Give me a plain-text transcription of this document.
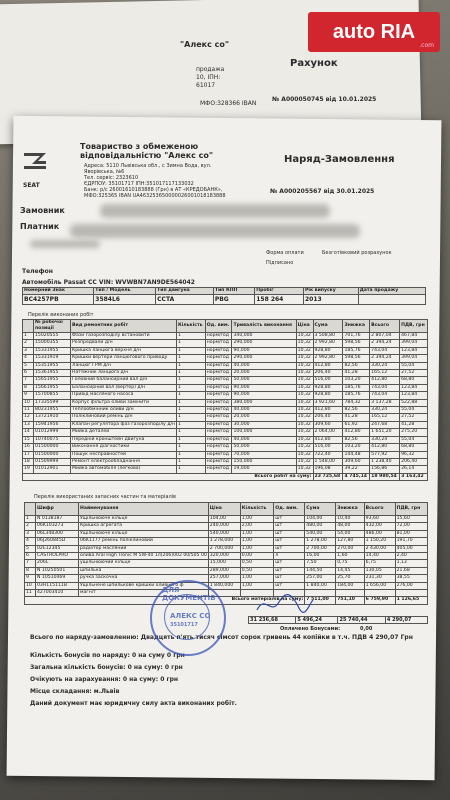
"Алекс со"
продажа
10, ІПН:
61017
MФО:328366 IBAN
Рахунок
№ А000050745 від 10.01.2025
auto RIA
.com
SEAT
Товариство з обмеженою відповідальністю "Алекс со"
Адреса: 5110 Львівська обл., с Зимна Вода, вул. Яворівська, №6
Тел. сервіс: 2323610
ЄДРПОУ: 35101717 ІПН:351017117133032
Банк: р/с 26001610183888 (Грн) в АТ «КРЕДОБАНК»,
МФО:325365 IBAN UA463253650000026001018183888
Наряд-Замовлення
№ А000205567 від 30.01.2025
Замовник
Платник
Форма оплати	Безготівковий розрахунок
Підписано
Телефон
Автомобіль Passat CC VIN: WVWBN7AN9DE564042
Номерний Знак	Тип / Модель	Тип двигуна	Тип КПП	Пробіг	Рік випуску	Дата продажу
ВС4257РВ	3584L6	CCTA	PBG	158 264	2013	
Перелік виконаних робіт
	№ робочої позиції	Вид ремонтних робіт	Кількість	Од. вим.	Тривалість виконання	Ціна	Сума	Знижка	Всього	ПДВ, грн
1	15020555	Фази газорозподілу встановити	1	норм/год	340,000	10,32	3 508,80	701,76	2 807,04	467,84
2	15000355	Розпредвали д/н	1	норм/год	290,000	10,32	2 992,80	598,56	2 394,24	399,04
3	15331955	Кришка ланцюга верхня д/н	1	норм/год	90,000	10,32	928,80	185,76	743,04	123,84
4	15331919	Кришки вертери ланцюгового приводу	1	норм/год	290,000	10,32	2 992,80	598,56	2 394,24	399,04
5	15351955	Ланцюг ГРМ д/н	1	норм/год	40,000	10,32	412,80	82,56	330,24	55,04
6	15361955	Натяжник ланцюга д/н	1	норм/год	20,000	10,32	206,40	41,28	165,12	27,52
7	15651955	Головний балансирний вал д/н	1	норм/год	50,000	10,32	516,00	103,20	412,80	68,80
8	15661955	Балансирний вал (вертер) д/н	1	норм/год	90,000	10,32	928,80	185,76	743,04	123,84
9	15700855	Привід масляного насоса	1	норм/год	90,000	10,32	928,80	185,76	743,04	123,84
10	17335599	Корпус фільтра оливи замінити	1	норм/год	380,000	10,32	3 921,60	784,32	3 137,28	522,88
11	80231955	Теплообмінник оливи д/н	1	норм/год	40,000	10,32	412,80	82,56	330,24	55,04
12	13721910	Поліклиновий ремінь д/н	1	норм/год	20,000	10,32	206,40	41,28	165,12	27,52
13	15941956	Клапан регулятора фаз газорозподілу д/н	1	норм/год	30,000	10,32	309,60	61,92	247,68	41,28
14	01012999	Мийка деталей	1	норм/год	100,000	10,32	2 064,00	412,80	1 651,20	275,20
15	10740075	Передній кронштейн двигуна	1	норм/год	40,000	10,32	412,80	82,56	330,24	55,04
16	01500000	Виконання діагностики	1	норм/год	50,000	10,32	516,00	103,20	412,80	68,80
17	01500000	Пошук несправностей	1	норм/год	70,000	10,32	722,40	144,48	577,92	96,32
18	01509999	Ремонт електрообладнання	1	норм/год	150,000	10,32	1 548,00	309,60	1 238,40	206,40
19	01012901	Мийка автомобіля (легкова)	1	норм/год	19,000	10,32	196,08	39,22	156,86	26,14
Всього робіт на суму:							23 725,68	4 745,14	18 980,54	3 163,42
Перелік використаних запасних частин та матеріалів
	Шифр	Найменування	Ціна	Кількість	Од. вим.	Сума	Знижка	Всього	ПДВ, грн
1	N 0138187	Ущільнююче кільце	104,00	1,00	шт	104,00	10,40	93,60	15,60
2	06K103273	Кришка агрегата	240,000	2,00	шт	480,00	48,00	432,00	72,00
3	06L348300	Ущільнююче кільце	540,000	1,00	шт	540,00	54,00	486,00	81,00
4	06J260845D	06K1177 ремінь поліклиновий	1 278,000	1,00	шт	1 278,00	127,80	1 150,20	191,70
5	02E12345	радіатор масляний	2 700,000	1,00	шт	2 700,00	270,00	2 430,00	405,00
6	CASTROLPRO	оливa Aral High Tronic M 5W-40 1л(206)002 00/505 00	320,000	0,00	л	16,00	1,60	14,40	2,40
7	206L	ущільнюючий кільце	15,000	0,50	шт	7,50	0,75	6,75	1,13
8	N 10250501	шпилька	289,000	0,50	шт	144,50	14,45	130,05	21,68
9	N 10510469	ручка заскочна	257,000	1,00	шт	257,00	25,70	231,30	38,55
10	03H115111B	Ущільнене шпилькове кришки оливного ф	1 840,000	1,00	шт	1 840,00	184,00	1 656,00	276,00
11	427003410	магніт							
Всього матеріалів на суму:						7 511,00	751,10	6 759,90	1 126,65
31 236,68	5 496,24	25 740,44	4 290,07
Оплачено Бонусами:	0,00
Всього по наряду-замовленню: Двадцять п'ять тисяч сімсот сорок гривень 44 копійки в т.ч. ПДВ 4 290,07 Грн
Кількість бонусів по наряду: 0 на суму 0 грн
Загальна кількість бонусів: 0 на суму: 0 грн
Очікують на зарахування: 0 на суму: 0 грн
Місце складання: м.Львів
Даний документ має юридичну силу акта виконаних робіт.
ДЛЯ ДОКУМЕНТІВ
АЛЕКС СО
35101717
